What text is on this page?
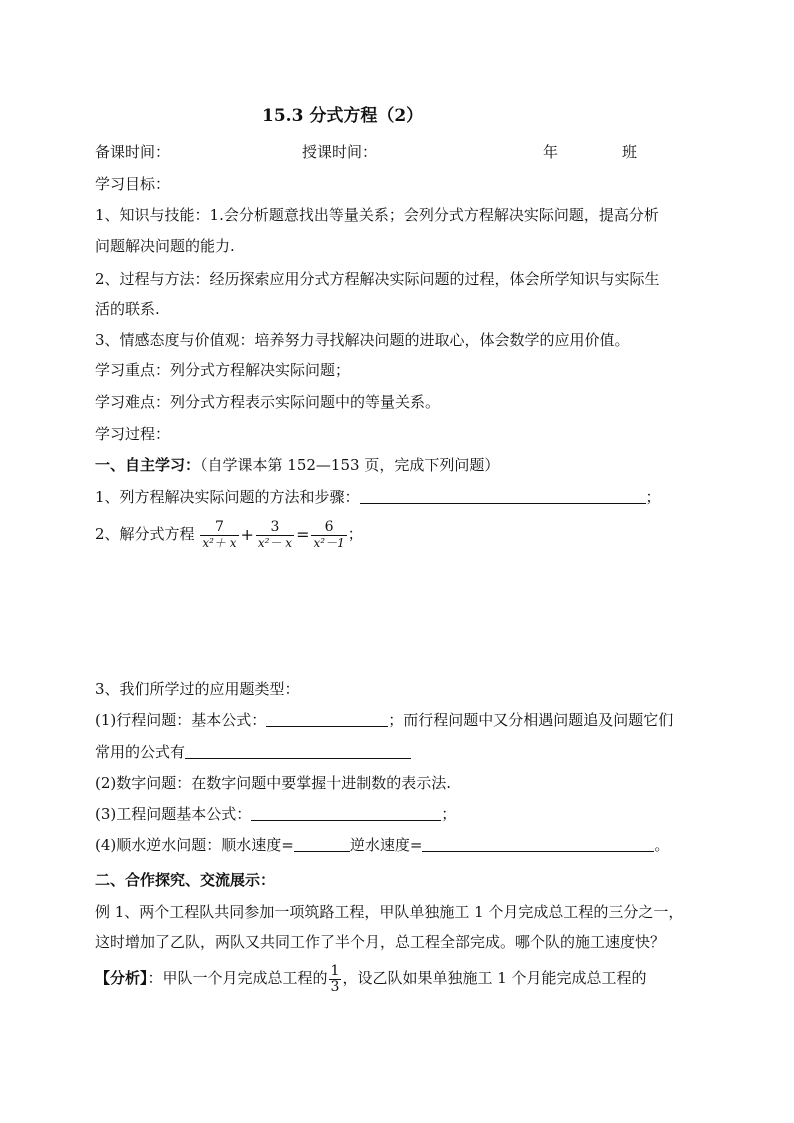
15.3 分式方程（2）
备课时间：	授课时间：	年	班
学习目标：
1、知识与技能：1.会分析题意找出等量关系；会列分式方程解决实际问题，提高分析
问题解决问题的能力.
2、过程与方法：经历探索应用分式方程解决实际问题的过程，体会所学知识与实际生
活的联系.
3、情感态度与价值观：培养努力寻找解决问题的进取心，体会数学的应用价值。
学习重点：列分式方程解决实际问题；
学习难点：列分式方程表示实际问题中的等量关系。
学习过程：
一、自主学习：（自学课本第 152—153 页，完成下列问题）
1、列方程解决实际问题的方法和步骤：	；
2、解分式方程 $\frac{7}{\text{x²＋ x}} + \frac{3}{\text{x²－ x}} = \frac{6}{\text{x²－1}}$ ；
3、我们所学过的应用题类型：
(1)行程问题：基本公式：	；而行程问题中又分相遇问题追及问题它们
常用的公式有
(2)数字问题：在数字问题中要掌握十进制数的表示法.
(3)工程问题基本公式：	；
(4)顺水逆水问题：顺水速度=	逆水速度=	。
二、合作探究、交流展示：
例 1、两个工程队共同参加一项筑路工程，甲队单独施工 1 个月完成总工程的三分之一，
这时增加了乙队，两队又共同工作了半个月，总工程全部完成。哪个队的施工速度快？
【分析】：甲队一个月完成总工程的 $\frac{1}{3}$ ，设乙队如果单独施工 1 个月能完成总工程的
